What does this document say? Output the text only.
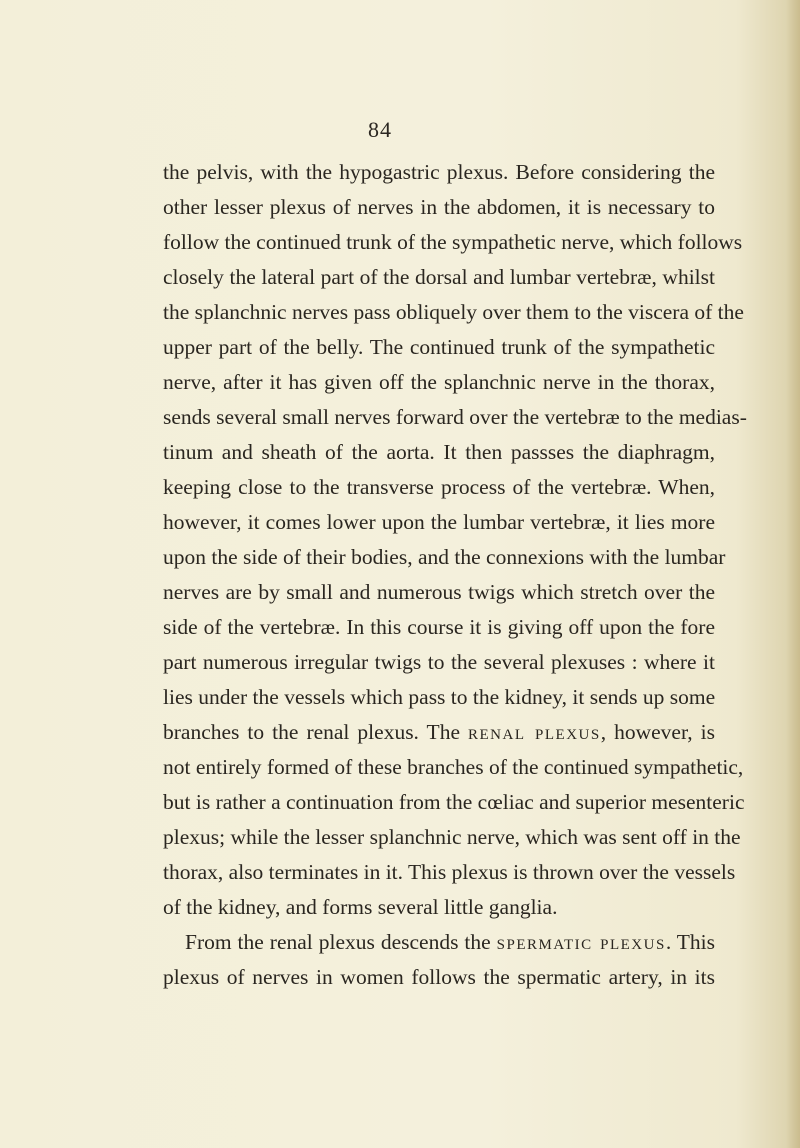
84
the pelvis, with the hypogastric plexus. Before considering the
other lesser plexus of nerves in the abdomen, it is necessary to
follow the continued trunk of the sympathetic nerve, which follows
closely the lateral part of the dorsal and lumbar vertebræ, whilst
the splanchnic nerves pass obliquely over them to the viscera of the
upper part of the belly. The continued trunk of the sympathetic
nerve, after it has given off the splanchnic nerve in the thorax,
sends several small nerves forward over the vertebræ to the medias-
tinum and sheath of the aorta. It then passses the diaphragm,
keeping close to the transverse process of the vertebræ. When,
however, it comes lower upon the lumbar vertebræ, it lies more
upon the side of their bodies, and the connexions with the lumbar
nerves are by small and numerous twigs which stretch over the
side of the vertebræ. In this course it is giving off upon the fore
part numerous irregular twigs to the several plexuses : where it
lies under the vessels which pass to the kidney, it sends up some
branches to the renal plexus. The renal plexus, however, is
not entirely formed of these branches of the continued sympathetic,
but is rather a continuation from the cœliac and superior mesenteric
plexus; while the lesser splanchnic nerve, which was sent off in the
thorax, also terminates in it. This plexus is thrown over the vessels
of the kidney, and forms several little ganglia.
From the renal plexus descends the spermatic plexus. This
plexus of nerves in women follows the spermatic artery, in its
